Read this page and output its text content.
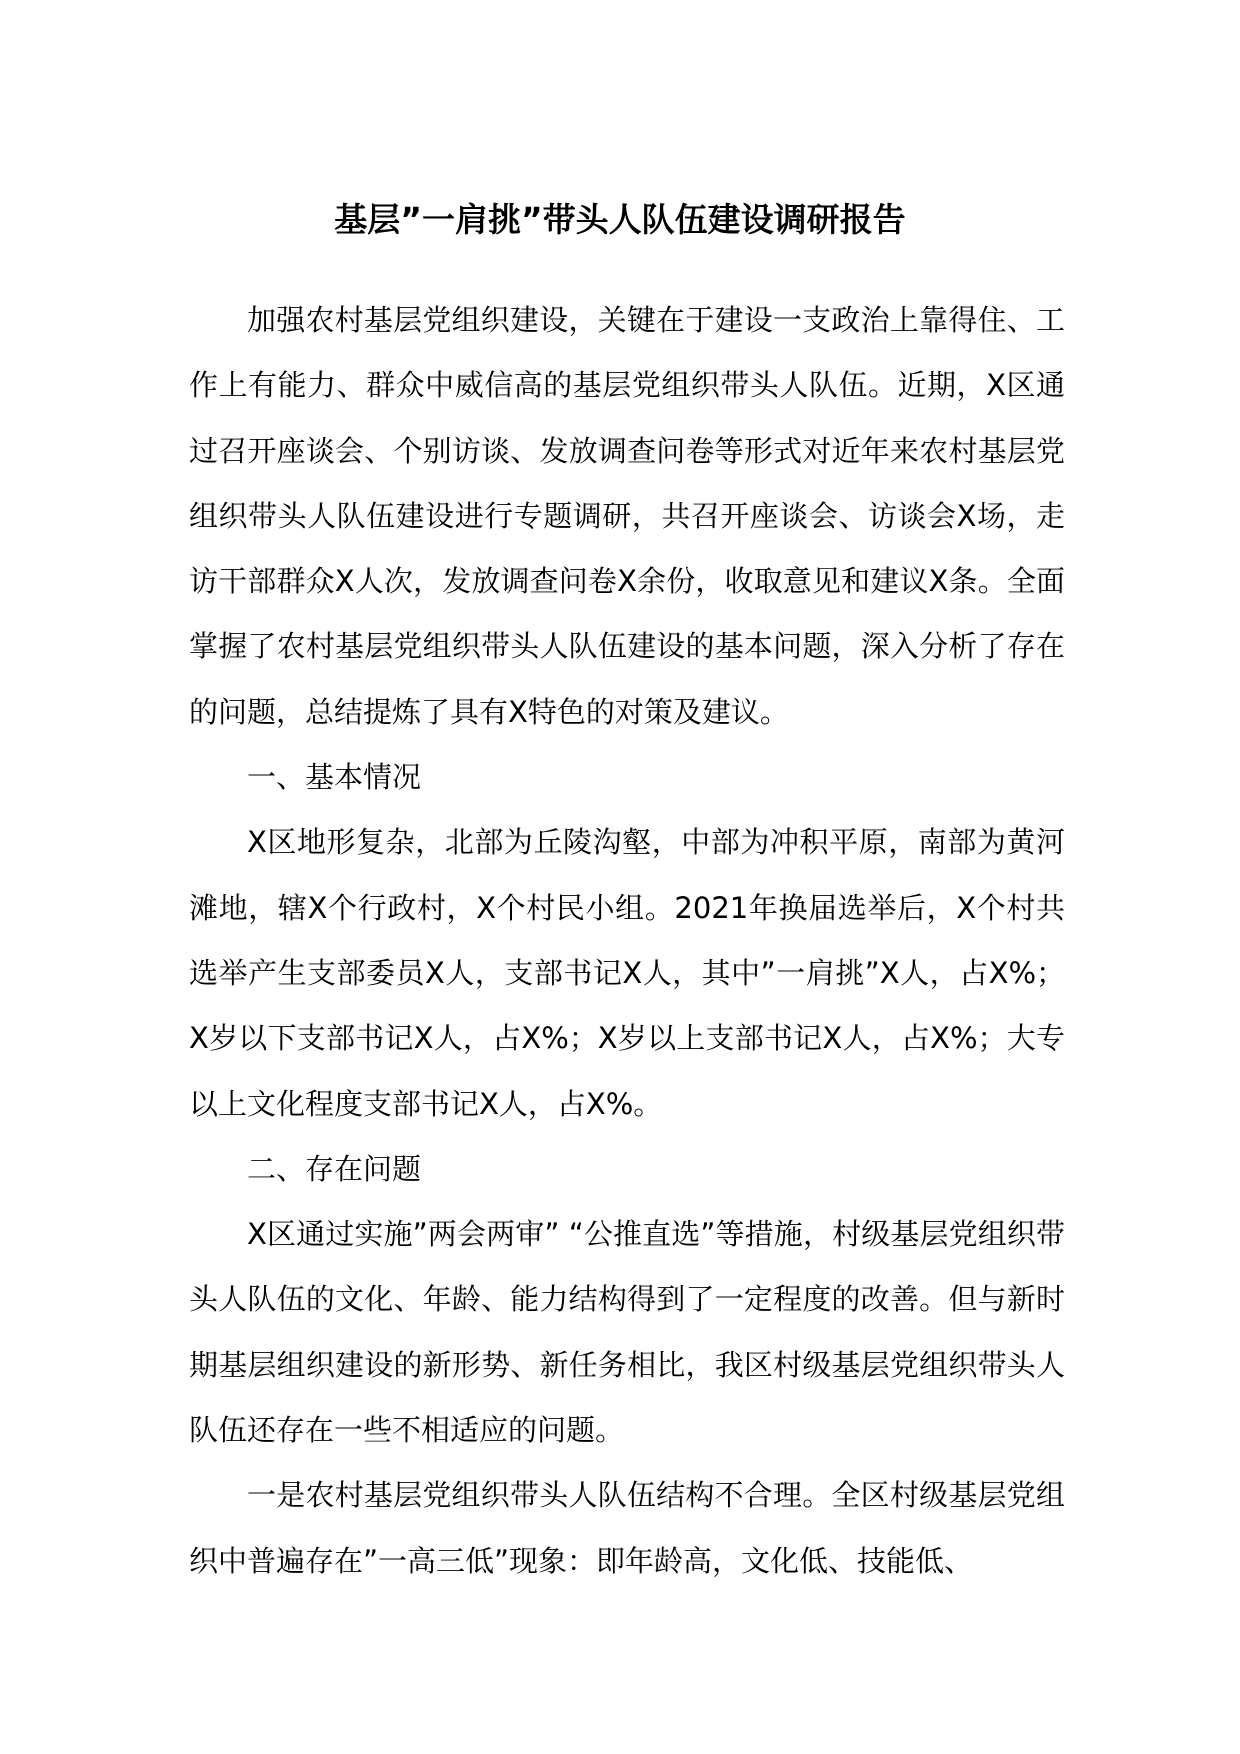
基层”一肩挑”带头人队伍建设调研报告

加强农村基层党组织建设，关键在于建设一支政治上靠得住、工作上有能力、群众中威信高的基层党组织带头人队伍。近期，X区通过召开座谈会、个别访谈、发放调查问卷等形式对近年来农村基层党组织带头人队伍建设进行专题调研，共召开座谈会、访谈会X场，走访干部群众X人次，发放调查问卷X余份，收取意见和建议X条。全面掌握了农村基层党组织带头人队伍建设的基本问题，深入分析了存在的问题，总结提炼了具有X特色的对策及建议。

一、基本情况

X区地形复杂，北部为丘陵沟壑，中部为冲积平原，南部为黄河滩地，辖X个行政村，X个村民小组。2021年换届选举后，X个村共选举产生支部委员X人，支部书记X人，其中”一肩挑”X人，占X%；X岁以下支部书记X人，占X%；X岁以上支部书记X人，占X%；大专以上文化程度支部书记X人，占X%。

二、存在问题

X区通过实施”两会两审” “公推直选”等措施，村级基层党组织带头人队伍的文化、年龄、能力结构得到了一定程度的改善。但与新时期基层组织建设的新形势、新任务相比，我区村级基层党组织带头人队伍还存在一些不相适应的问题。

一是农村基层党组织带头人队伍结构不合理。全区村级基层党组织中普遍存在”一高三低”现象：即年龄高，文化低、技能低、
